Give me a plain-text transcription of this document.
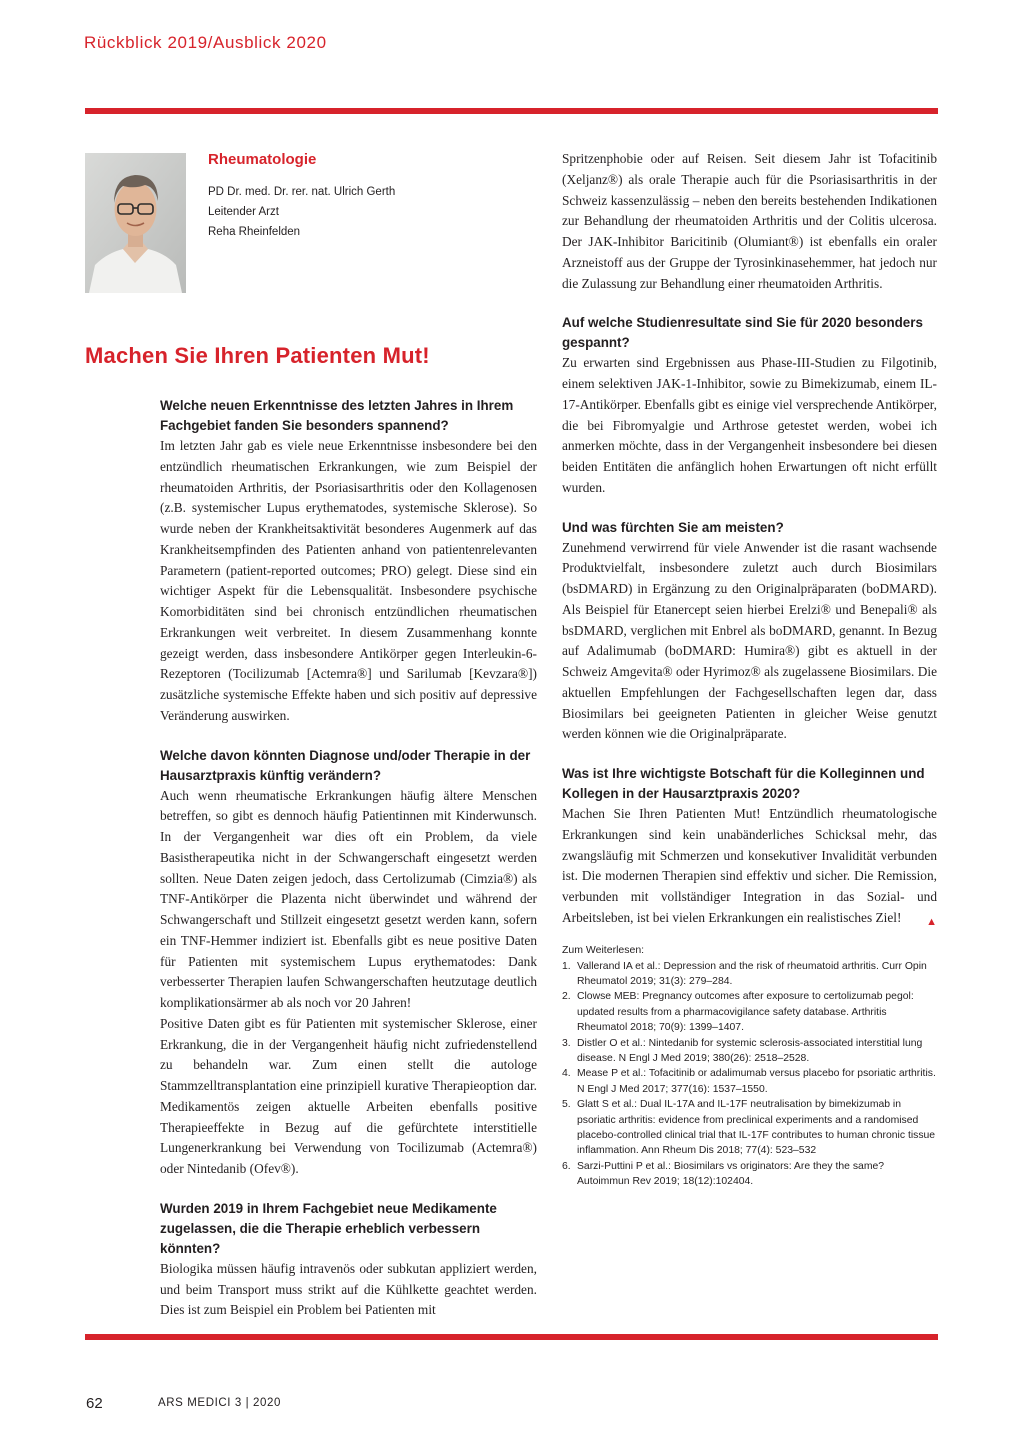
Rückblick 2019/Ausblick 2020
Rheumatologie
PD Dr. med. Dr. rer. nat. Ulrich Gerth
Leitender Arzt
Reha Rheinfelden
Machen Sie Ihren Patienten Mut!

Welche neuen Erkenntnisse des letzten Jahres in Ihrem Fachgebiet fanden Sie besonders spannend?

Im letzten Jahr gab es viele neue Erkenntnisse insbesondere bei den entzündlich rheumatischen Erkrankungen, wie zum Beispiel der rheumatoiden Arthritis, der Psoriasisarthritis oder den Kollagenosen (z.B. systemischer Lupus erythematodes, systemische Sklerose). So wurde neben der Krankheitsaktivität besonderes Augenmerk auf das Krankheitsempfinden des Patienten anhand von patientenrelevanten Parametern (patient-reported outcomes; PRO) gelegt. Diese sind ein wichtiger Aspekt für die Lebensqualität. Insbesondere psychische Komorbiditäten sind bei chronisch entzündlichen rheumatischen Erkrankungen weit verbreitet. In diesem Zusammenhang konnte gezeigt werden, dass insbesondere Antikörper gegen Interleukin-6-Rezeptoren (Tocilizumab [Actemra®] und Sarilumab [Kevzara®]) zusätzliche systemische Effekte haben und sich positiv auf depressive Veränderung auswirken.

Welche davon könnten Diagnose und/oder Therapie in der Hausarztpraxis künftig verändern?

Auch wenn rheumatische Erkrankungen häufig ältere Menschen betreffen, so gibt es dennoch häufig Patientinnen mit Kinderwunsch. In der Vergangenheit war dies oft ein Problem, da viele Basistherapeutika nicht in der Schwangerschaft eingesetzt werden sollten. Neue Daten zeigen jedoch, dass Certolizumab (Cimzia®) als TNF-Antikörper die Plazenta nicht überwindet und während der Schwangerschaft und Stillzeit eingesetzt gesetzt werden kann, sofern ein TNF-Hemmer indiziert ist. Ebenfalls gibt es neue positive Daten für Patienten mit systemischem Lupus erythematodes: Dank verbesserter Therapien laufen Schwangerschaften heutzutage deutlich komplikationsärmer ab als noch vor 20 Jahren!

Positive Daten gibt es für Patienten mit systemischer Sklerose, einer Erkrankung, die in der Vergangenheit häufig nicht zufriedenstellend zu behandeln war. Zum einen stellt die autologe Stammzelltransplantation eine prinzipiell kurative Therapieoption dar. Medikamentös zeigen aktuelle Arbeiten ebenfalls positive Therapieeffekte in Bezug auf die gefürchtete interstitielle Lungenerkrankung bei Verwendung von Tocilizumab (Actemra®) oder Nintedanib (Ofev®).

Wurden 2019 in Ihrem Fachgebiet neue Medikamente zugelassen, die die Therapie erheblich verbessern könnten?

Biologika müssen häufig intravenös oder subkutan appliziert werden, und beim Transport muss strikt auf die Kühlkette geachtet werden. Dies ist zum Beispiel ein Problem bei Patienten mit

Spritzenphobie oder auf Reisen. Seit diesem Jahr ist Tofacitinib (Xeljanz®) als orale Therapie auch für die Psoriasisarthritis in der Schweiz kassenzulässig – neben den bereits bestehenden Indikationen zur Behandlung der rheumatoiden Arthritis und der Colitis ulcerosa. Der JAK-Inhibitor Baricitinib (Olumiant®) ist ebenfalls ein oraler Arzneistoff aus der Gruppe der Tyrosinkinasehemmer, hat jedoch nur die Zulassung zur Behandlung einer rheumatoiden Arthritis.

Auf welche Studienresultate sind Sie für 2020 besonders gespannt?

Zu erwarten sind Ergebnissen aus Phase-III-Studien zu Filgotinib, einem selektiven JAK-1-Inhibitor, sowie zu Bimekizumab, einem IL-17-Antikörper. Ebenfalls gibt es einige viel versprechende Antikörper, die bei Fibromyalgie und Arthrose getestet werden, wobei ich anmerken möchte, dass in der Vergangenheit insbesondere bei diesen beiden Entitäten die anfänglich hohen Erwartungen oft nicht erfüllt wurden.

Und was fürchten Sie am meisten?

Zunehmend verwirrend für viele Anwender ist die rasant wachsende Produktvielfalt, insbesondere zuletzt auch durch Biosimilars (bsDMARD) in Ergänzung zu den Originalpräparaten (boDMARD). Als Beispiel für Etanercept seien hierbei Erelzi® und Benepali® als bsDMARD, verglichen mit Enbrel als boDMARD, genannt. In Bezug auf Adalimumab (boDMARD: Humira®) gibt es aktuell in der Schweiz Amgevita® oder Hyrimoz® als zugelassene Biosimilars. Die aktuellen Empfehlungen der Fachgesellschaften legen dar, dass Biosimilars bei geeigneten Patienten in gleicher Weise genutzt werden können wie die Originalpräparate.

Was ist Ihre wichtigste Botschaft für die Kolleginnen und Kollegen in der Hausarztpraxis 2020?

Machen Sie Ihren Patienten Mut! Entzündlich rheumatologische Erkrankungen sind kein unabänderliches Schicksal mehr, das zwangsläufig mit Schmerzen und konsekutiver Invalidität verbunden ist. Die modernen Therapien sind effektiv und sicher. Die Remission, verbunden mit vollständiger Integration in das Sozial- und Arbeitsleben, ist bei vielen Erkrankungen ein realistisches Ziel! ▲

Zum Weiterlesen:

1. Vallerand IA et al.: Depression and the risk of rheumatoid arthritis. Curr Opin Rheumatol 2019; 31(3): 279–284.
2. Clowse MEB: Pregnancy outcomes after exposure to certolizumab pegol: updated results from a pharmacovigilance safety database. Arthritis Rheumatol 2018; 70(9): 1399–1407.
3. Distler O et al.: Nintedanib for systemic sclerosis-associated interstitial lung disease. N Engl J Med 2019; 380(26): 2518–2528.
4. Mease P et al.: Tofacitinib or adalimumab versus placebo for psoriatic arthritis. N Engl J Med 2017; 377(16): 1537–1550.
5. Glatt S et al.: Dual IL-17A and IL-17F neutralisation by bimekizumab in psoriatic arthritis: evidence from preclinical experiments and a randomised placebo-controlled clinical trial that IL-17F contributes to human chronic tissue inflammation. Ann Rheum Dis 2018; 77(4): 523–532
6. Sarzi-Puttini P et al.: Biosimilars vs originators: Are they the same? Autoimmun Rev 2019; 18(12):102404.
62	ARS MEDICI 3 | 2020
